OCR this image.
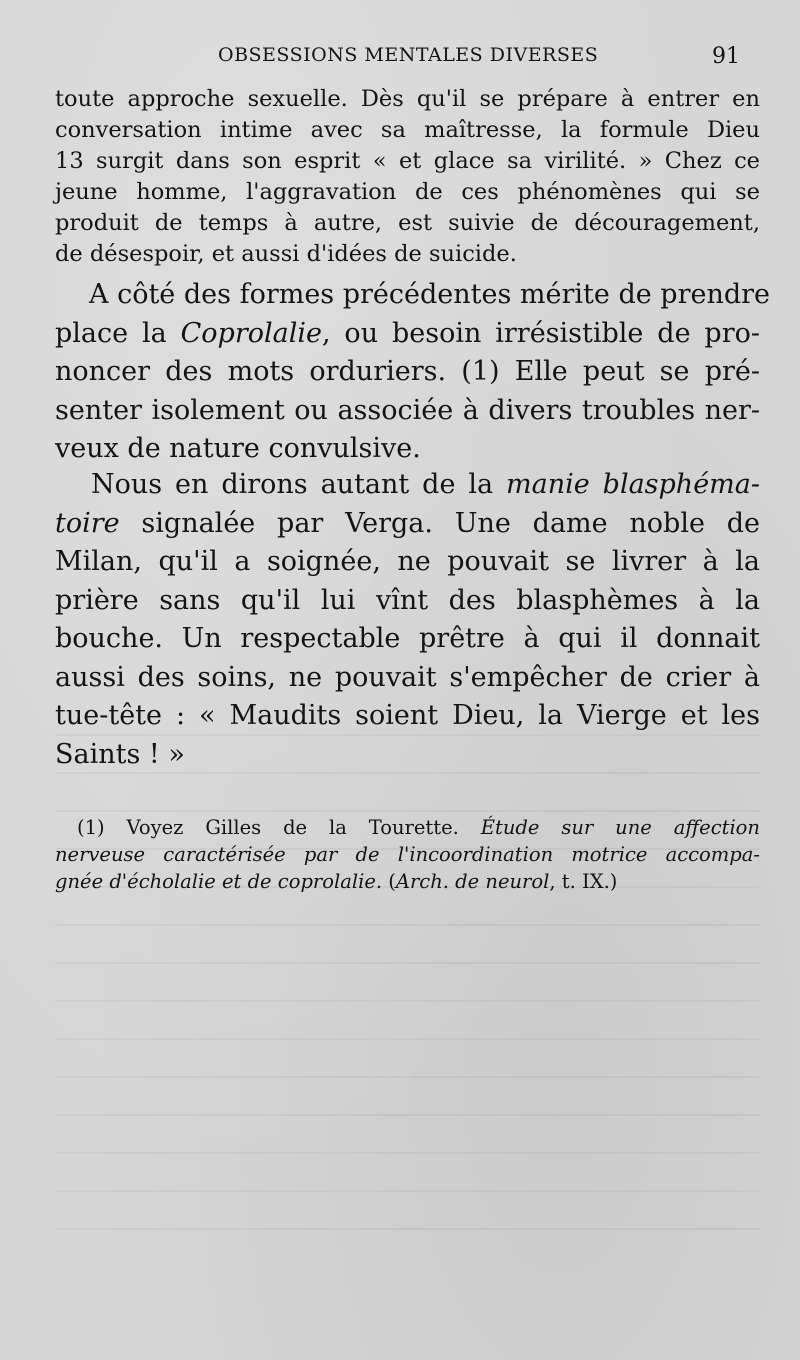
OBSESSIONS MENTALES DIVERSES	91
toute approche sexuelle. Dès qu'il se prépare à entrer en
conversation intime avec sa maîtresse, la formule Dieu
13 surgit dans son esprit « et glace sa virilité. » Chez ce
jeune homme, l'aggravation de ces phénomènes qui se
produit de temps à autre, est suivie de découragement,
de désespoir, et aussi d'idées de suicide.
A côté des formes précédentes mérite de prendre
place la Coprolalie, ou besoin irrésistible de pro-
noncer des mots orduriers. (1) Elle peut se pré-
senter isolement ou associée à divers troubles ner-
veux de nature convulsive.
Nous en dirons autant de la manie blasphéma-
toire signalée par Verga. Une dame noble de
Milan, qu'il a soignée, ne pouvait se livrer à la
prière sans qu'il lui vînt des blasphèmes à la
bouche. Un respectable prêtre à qui il donnait
aussi des soins, ne pouvait s'empêcher de crier à
tue-tête : « Maudits soient Dieu, la Vierge et les
Saints ! »
(1) Voyez Gilles de la Tourette. Étude sur une affection
nerveuse caractérisée par de l'incoordination motrice accompa-
gnée d'écholalie et de coprolalie. (Arch. de neurol, t. IX.)
